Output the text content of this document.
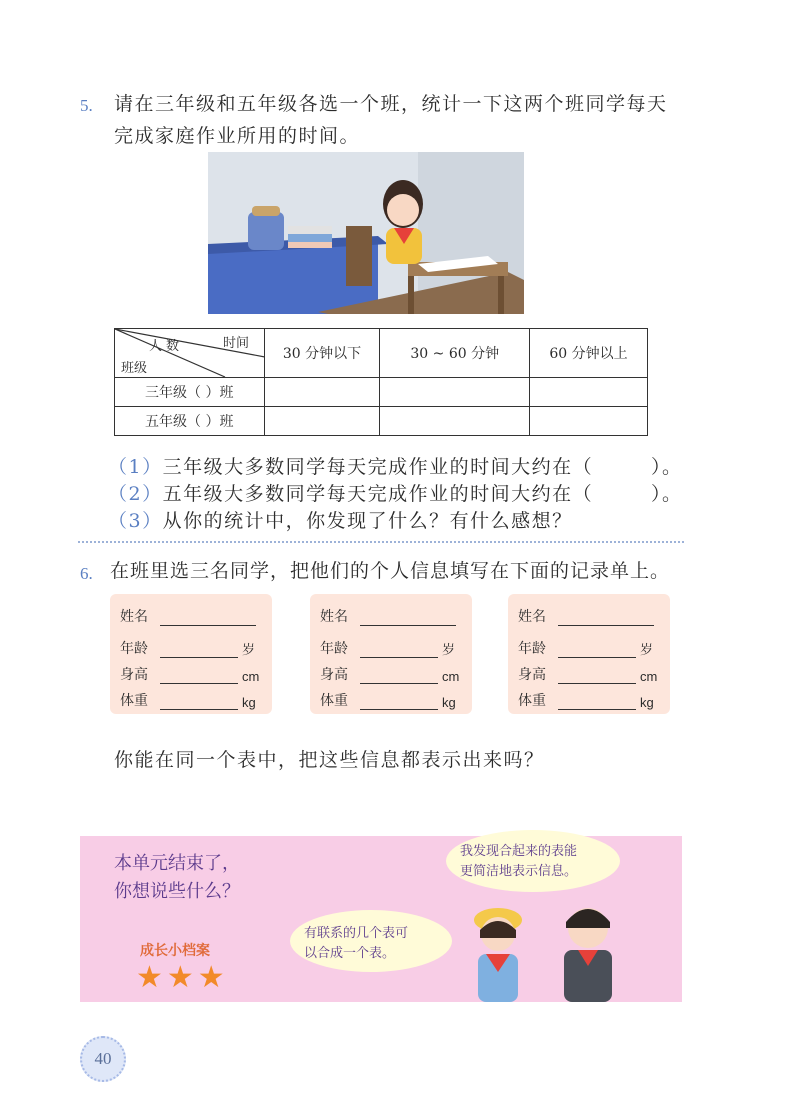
5. 请在三年级和五年级各选一个班，统计一下这两个班同学每天
完成家庭作业所用的时间。
时间
人数
班级	30 分钟以下	30 ~ 60 分钟	60 分钟以上
三年级（ ）班			
五年级（ ）班			
（1）三年级大多数同学每天完成作业的时间大约在（	）。
（2）五年级大多数同学每天完成作业的时间大约在（	）。
（3）从你的统计中，你发现了什么？有什么感想？
6. 在班里选三名同学，把他们的个人信息填写在下面的记录单上。
姓名
年龄	岁
身高	cm
体重	kg
姓名
年龄	岁
身高	cm
体重	kg
姓名
年龄	岁
身高	cm
体重	kg
你能在同一个表中，把这些信息都表示出来吗？
本单元结束了，
你想说些什么？
成长小档案
★★★
我发现合起来的表能
更简洁地表示信息。
有联系的几个表可
以合成一个表。
40
